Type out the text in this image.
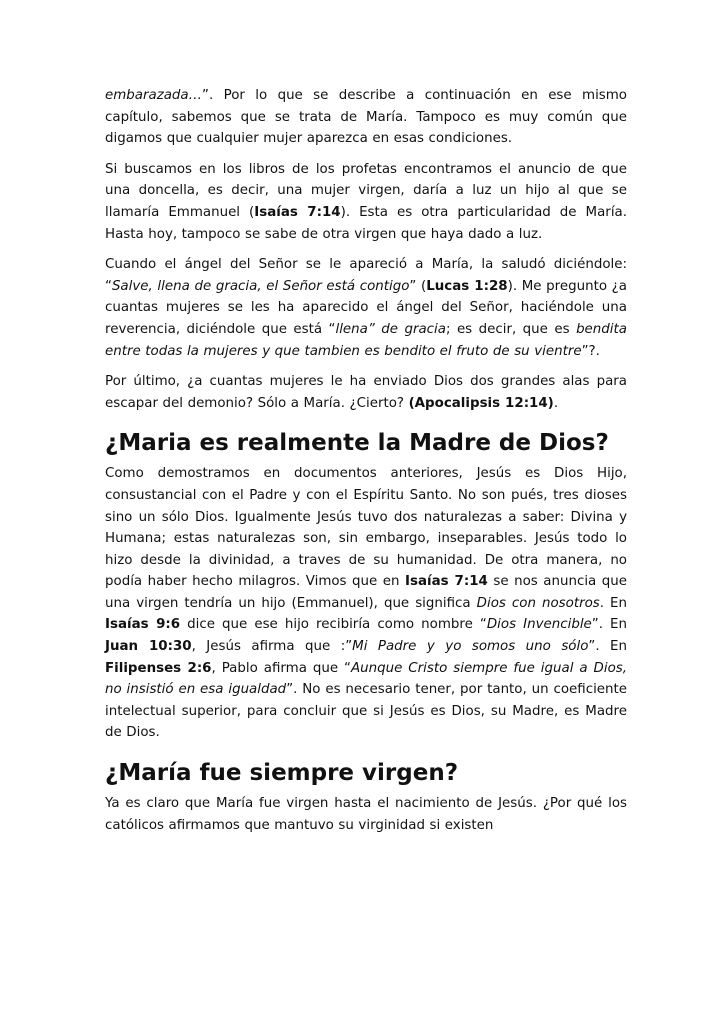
embarazada…”. Por lo que se describe a continuación en ese mismo capítulo, sabemos que se trata de María. Tampoco es muy común que digamos que cualquier mujer aparezca en esas condiciones.

Si buscamos en los libros de los profetas encontramos el anuncio de que una doncella, es decir, una mujer virgen, daría a luz un hijo al que se llamaría Emmanuel (Isaías 7:14). Esta es otra particularidad de María. Hasta hoy, tampoco se sabe de otra virgen que haya dado a luz.

Cuando el ángel del Señor se le apareció a María, la saludó diciéndole: “Salve, llena de gracia, el Señor está contigo” (Lucas 1:28). Me pregunto ¿a cuantas mujeres se les ha aparecido el ángel del Señor, haciéndole una reverencia, diciéndole que está “llena” de gracia; es decir, que es bendita entre todas la mujeres y que tambien es bendito el fruto de su vientre”?.

Por último, ¿a cuantas mujeres le ha enviado Dios dos grandes alas para escapar del demonio? Sólo a María. ¿Cierto? (Apocalipsis 12:14).

¿Maria es realmente la Madre de Dios?

Como demostramos en documentos anteriores, Jesús es Dios Hijo, consustancial con el Padre y con el Espíritu Santo. No son pués, tres dioses sino un sólo Dios. Igualmente Jesús tuvo dos naturalezas a saber: Divina y Humana; estas naturalezas son, sin embargo, inseparables. Jesús todo lo hizo desde la divinidad, a traves de su humanidad. De otra manera, no podía haber hecho milagros. Vimos que en Isaías 7:14 se nos anuncia que una virgen tendría un hijo (Emmanuel), que significa Dios con nosotros. En Isaías 9:6 dice que ese hijo recibiría como nombre “Dios Invencible”. En Juan 10:30, Jesús afirma que :”Mi Padre y yo somos uno sólo”. En Filipenses 2:6, Pablo afirma que “Aunque Cristo siempre fue igual a Dios, no insistió en esa igualdad”. No es necesario tener, por tanto, un coeficiente intelectual superior, para concluir que si Jesús es Dios, su Madre, es Madre de Dios.

¿María fue siempre virgen?

Ya es claro que María fue virgen hasta el nacimiento de Jesús. ¿Por qué los católicos afirmamos que mantuvo su virginidad si existen
